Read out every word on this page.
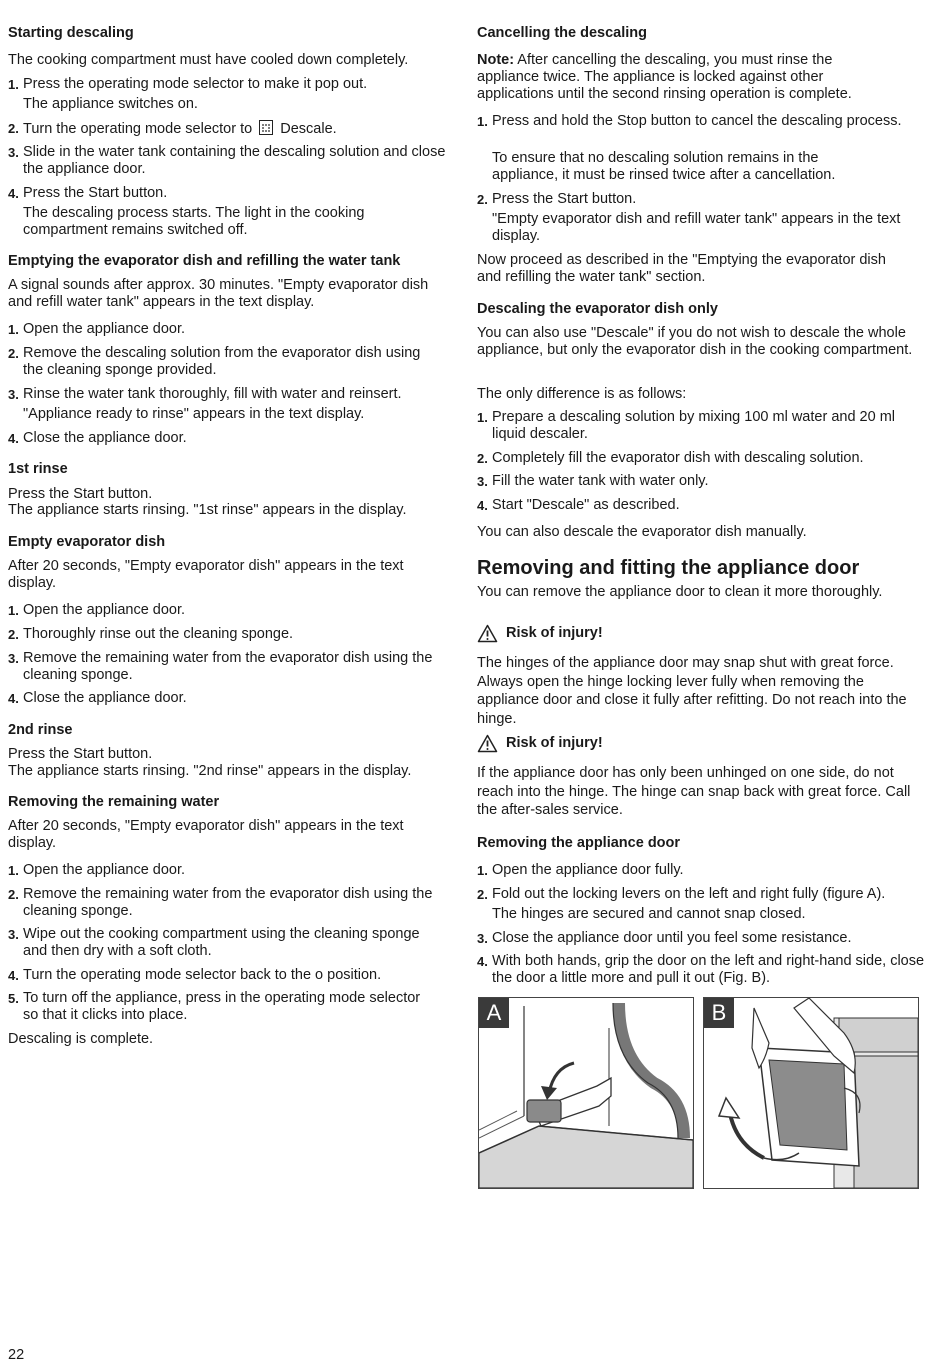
Starting descaling

The cooking compartment must have cooled down completely.

1. Press the operating mode selector to make it pop out.

The appliance switches on.

2. Turn the operating mode selector to Descale.
3. Slide in the water tank containing the descaling solution and close the appliance door.
4. Press the Start button.

The descaling process starts. The light in the cooking compartment remains switched off.

Emptying the evaporator dish and refilling the water tank

A signal sounds after approx. 30 minutes. "Empty evaporator dish and refill water tank" appears in the text display.

1. Open the appliance door.
2. Remove the descaling solution from the evaporator dish using the cleaning sponge provided.
3. Rinse the water tank thoroughly, fill with water and reinsert.

"Appliance ready to rinse" appears in the text display.

4. Close the appliance door.

1st rinse

Press the Start button.

The appliance starts rinsing. "1st rinse" appears in the display.

Empty evaporator dish

After 20 seconds, "Empty evaporator dish" appears in the text display.

1. Open the appliance door.
2. Thoroughly rinse out the cleaning sponge.
3. Remove the remaining water from the evaporator dish using the cleaning sponge.
4. Close the appliance door.

2nd rinse

Press the Start button.

The appliance starts rinsing. "2nd rinse" appears in the display.

Removing the remaining water

After 20 seconds, "Empty evaporator dish" appears in the text display.

1. Open the appliance door.
2. Remove the remaining water from the evaporator dish using the cleaning sponge.
3. Wipe out the cooking compartment using the cleaning sponge and then dry with a soft cloth.
4. Turn the operating mode selector back to the o position.
5. To turn off the appliance, press in the operating mode selector so that it clicks into place.

Descaling is complete.

Cancelling the descaling

Note: After cancelling the descaling, you must rinse the appliance twice. The appliance is locked against other applications until the second rinsing operation is complete.

1. Press and hold the Stop button to cancel the descaling process.

To ensure that no descaling solution remains in the appliance, it must be rinsed twice after a cancellation.

2. Press the Start button.

"Empty evaporator dish and refill water tank" appears in the text display.

Now proceed as described in the "Emptying the evaporator dish and refilling the water tank" section.

Descaling the evaporator dish only

You can also use "Descale" if you do not wish to descale the whole appliance, but only the evaporator dish in the cooking compartment.

The only difference is as follows:

1. Prepare a descaling solution by mixing 100 ml water and 20 ml liquid descaler.
2. Completely fill the evaporator dish with descaling solution.
3. Fill the water tank with water only.
4. Start "Descale" as described.

You can also descale the evaporator dish manually.

Removing and fitting the appliance door

You can remove the appliance door to clean it more thoroughly.

Risk of injury!

The hinges of the appliance door may snap shut with great force. Always open the hinge locking lever fully when removing the appliance door and close it fully after refitting. Do not reach into the hinge.

Risk of injury!

If the appliance door has only been unhinged on one side, do not reach into the hinge. The hinge can snap back with great force. Call the after-sales service.

Removing the appliance door

1. Open the appliance door fully.
2. Fold out the locking levers on the left and right fully (figure A).

The hinges are secured and cannot snap closed.

3. Close the appliance door until you feel some resistance.
4. With both hands, grip the door on the left and right-hand side, close the door a little more and pull it out (Fig. B).
A	B
22
